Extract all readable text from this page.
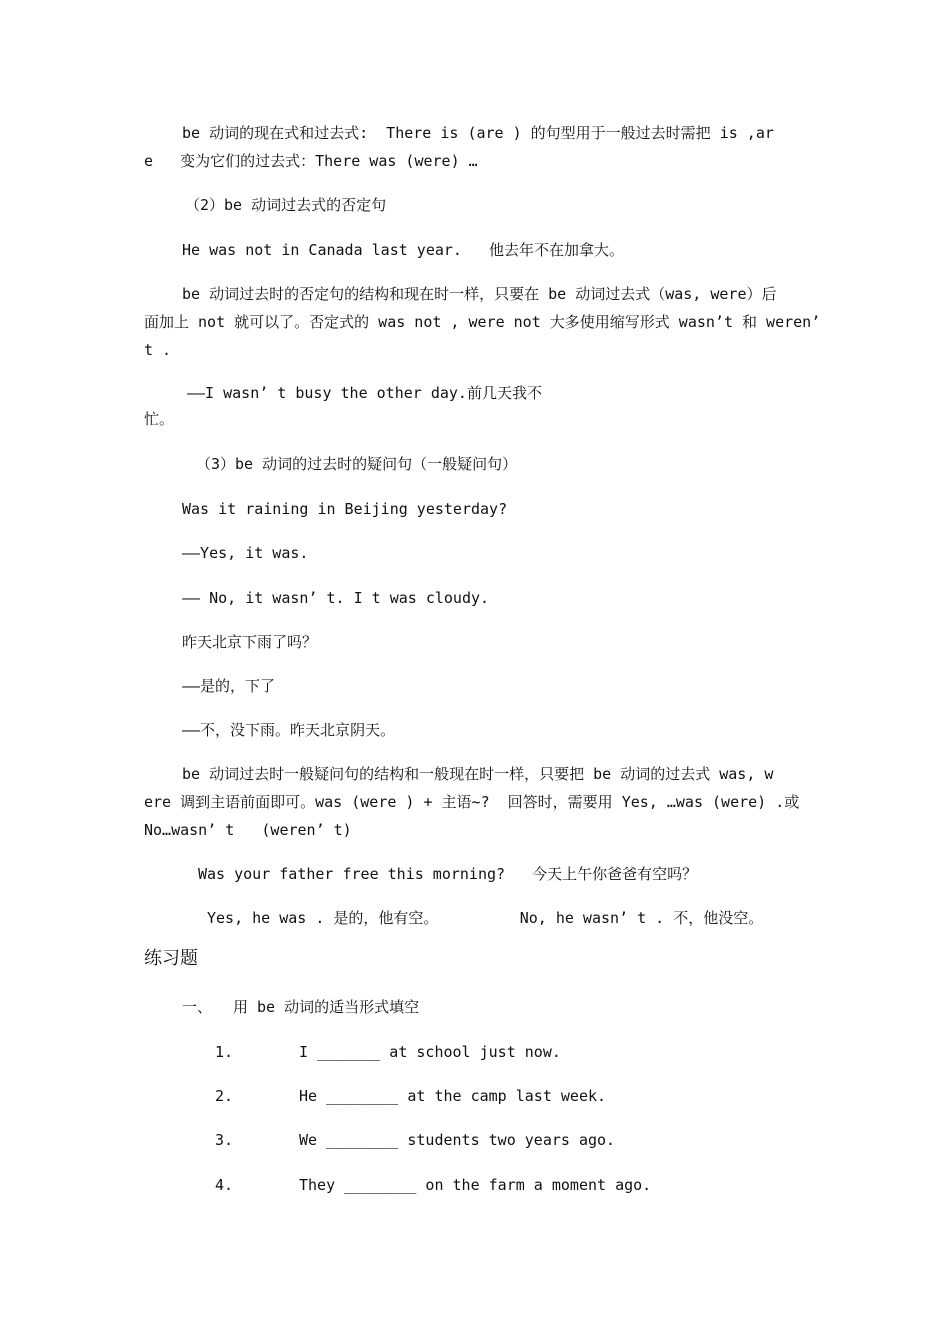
be 动词的现在式和过去式:  There is (are ) 的句型用于一般过去时需把 is ,ar
e   变为它们的过去式：There was (were) …
（2）be 动词过去式的否定句
He was not in Canada last year.   他去年不在加拿大。
be 动词过去时的否定句的结构和现在时一样，只要在 be 动词过去式（was, were）后
面加上 not 就可以了。否定式的 was not , were not 大多使用缩写形式 wasn’t 和 weren’
t .
——I wasn’ t busy the other day.前几天我不
忙。
（3）be 动词的过去时的疑问句（一般疑问句）
Was it raining in Beijing yesterday?
——Yes, it was.
—— No, it wasn’ t. I t was cloudy.
昨天北京下雨了吗？
——是的，下了
——不，没下雨。昨天北京阴天。
be 动词过去时一般疑问句的结构和一般现在时一样，只要把 be 动词的过去式 was, w
ere 调到主语前面即可。was (were ) + 主语~?  回答时，需要用 Yes, …was (were) .或
No…wasn’ t   (weren’ t)
Was your father free this morning?   今天上午你爸爸有空吗？
Yes, he was . 是的，他有空。         No, he wasn’ t . 不，他没空。
练习题
一、 用 be 动词的适当形式填空
1.	I _______ at school just now.
2.	He ________ at the camp last week.
3.	We ________ students two years ago.
4.	They ________ on the farm a moment ago.
